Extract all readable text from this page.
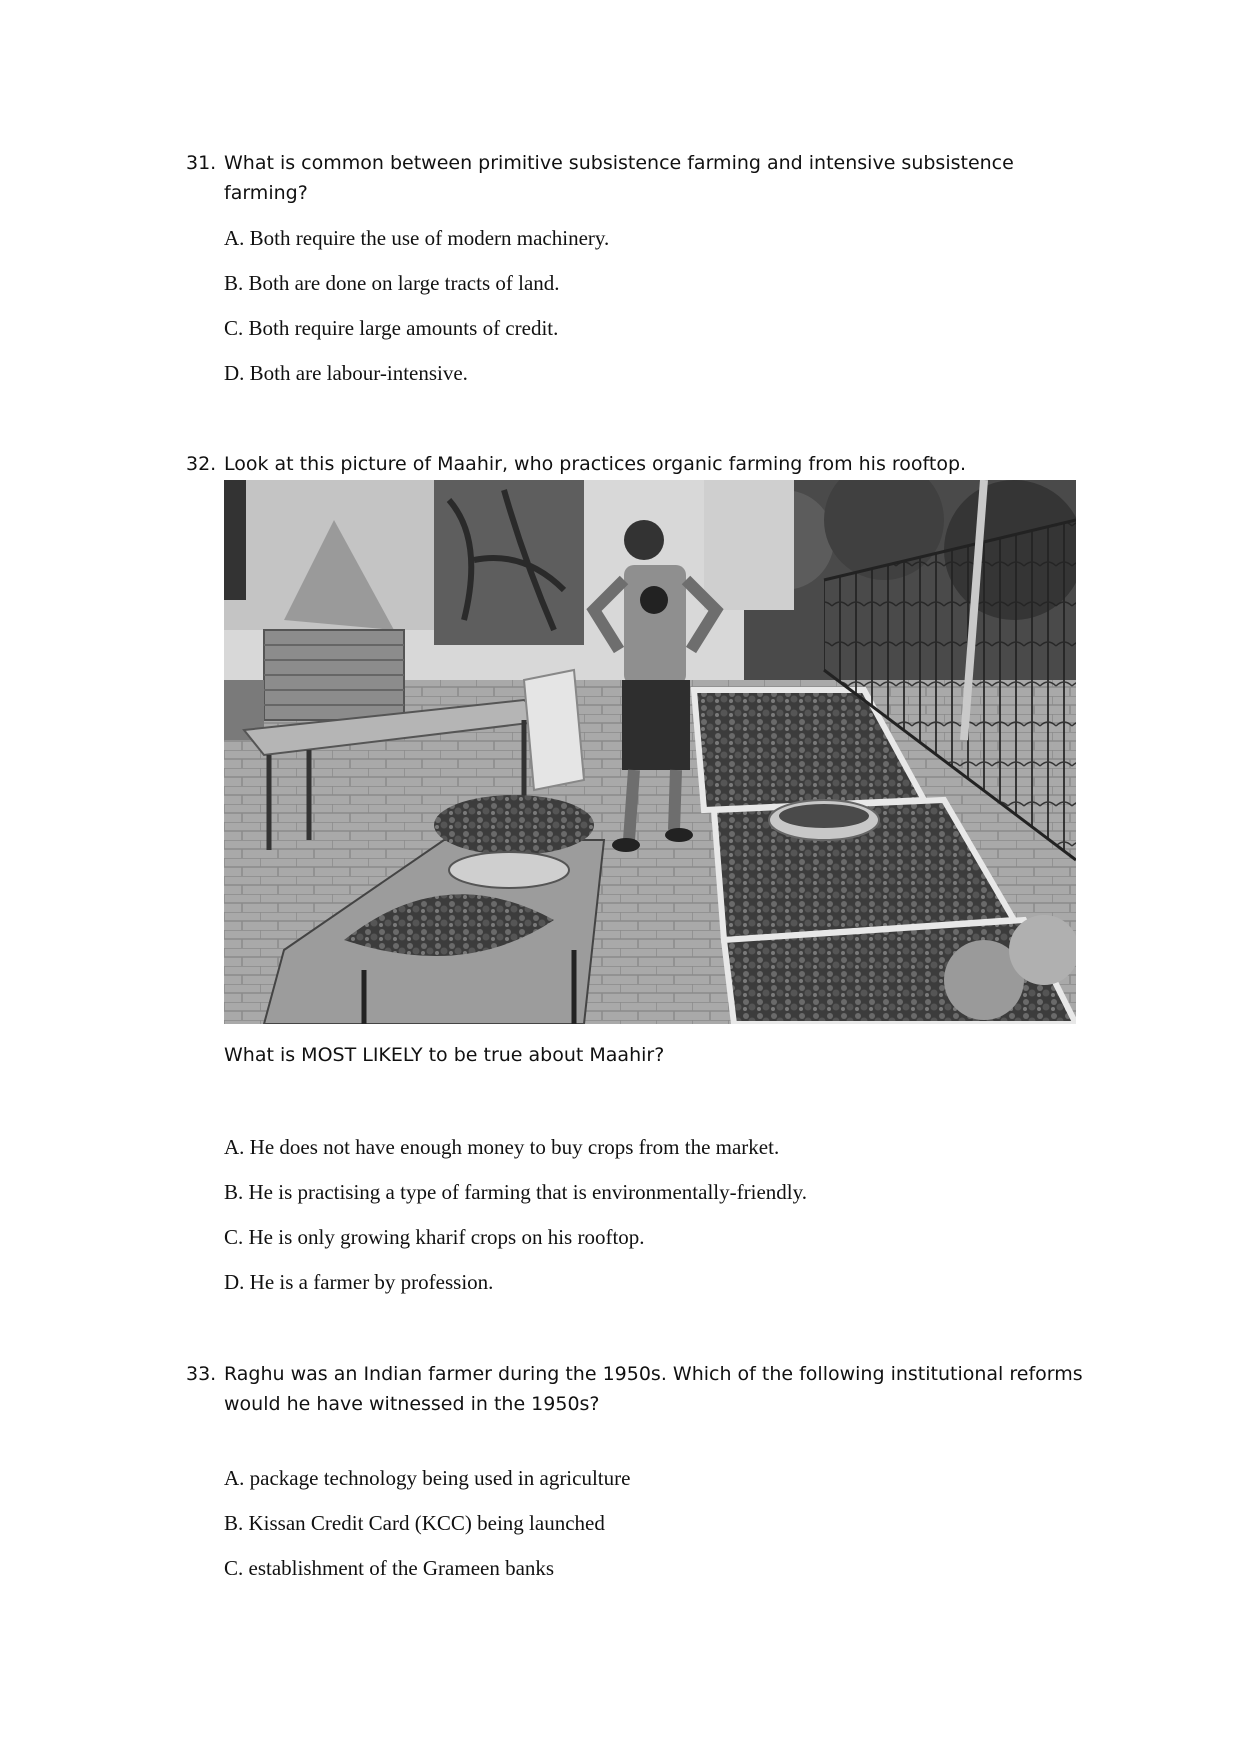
31. What is common between primitive subsistence farming and intensive subsistence farming?
A. Both require the use of modern machinery.
B. Both are done on large tracts of land.
C. Both require large amounts of credit.
D. Both are labour-intensive.
32. Look at this picture of Maahir, who practices organic farming from his rooftop.
What is MOST LIKELY to be true about Maahir?
A. He does not have enough money to buy crops from the market.
B. He is practising a type of farming that is environmentally-friendly.
C. He is only growing kharif crops on his rooftop.
D. He is a farmer by profession.
33. Raghu was an Indian farmer during the 1950s. Which of the following institutional reforms would he have witnessed in the 1950s?
A. package technology being used in agriculture
B. Kissan Credit Card (KCC) being launched
C. establishment of the Grameen banks
